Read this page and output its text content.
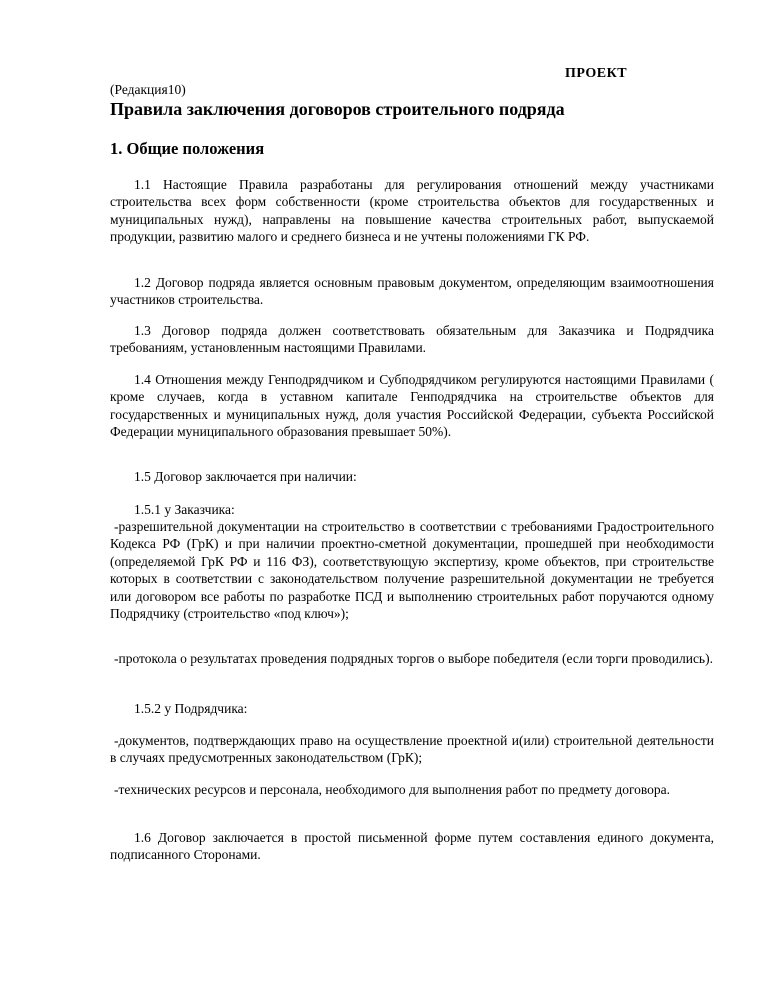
ПРОЕКТ
(Редакция10)
Правила заключения договоров строительного подряда
1. Общие положения

1.1 Настоящие Правила разработаны для регулирования отношений между участниками строительства всех форм собственности (кроме строительства объектов для государственных и муниципальных нужд), направлены на повышение качества строительных работ, выпускаемой продукции, развитию малого и среднего бизнеса и не учтены положениями ГК РФ.

1.2 Договор подряда является основным правовым документом, определяющим взаимоотношения участников строительства.

1.3 Договор подряда должен соответствовать обязательным для Заказчика и Подрядчика требованиям, установленным настоящими Правилами.

1.4 Отношения между Генподрядчиком и Субподрядчиком регулируются настоящими Правилами ( кроме случаев, когда в уставном капитале Генподрядчика на строительстве объектов для государственных и муниципальных нужд, доля участия Российской Федерации, субъекта Российской Федерации муниципального образования превышает 50%).

1.5 Договор заключается при наличии:

1.5.1 у Заказчика:

-разрешительной документации на строительство в соответствии с требованиями Градостроительного Кодекса РФ (ГрК) и при наличии проектно-сметной документации, прошедшей при необходимости (определяемой ГрК РФ и 116 ФЗ), соответствующую экспертизу, кроме объектов, при строительстве которых в соответствии с законодательством получение разрешительной документации не требуется или договором все работы по разработке ПСД и выполнению строительных работ поручаются одному Подрядчику (строительство «под ключ»);

-протокола о результатах проведения подрядных торгов о выборе победителя (если торги проводились).

1.5.2 у Подрядчика:

-документов, подтверждающих право на осуществление проектной и(или) строительной деятельности в случаях предусмотренных законодательством (ГрК);

-технических ресурсов и персонала, необходимого для выполнения работ по предмету договора.

1.6 Договор заключается в простой письменной форме путем составления единого документа, подписанного Сторонами.
